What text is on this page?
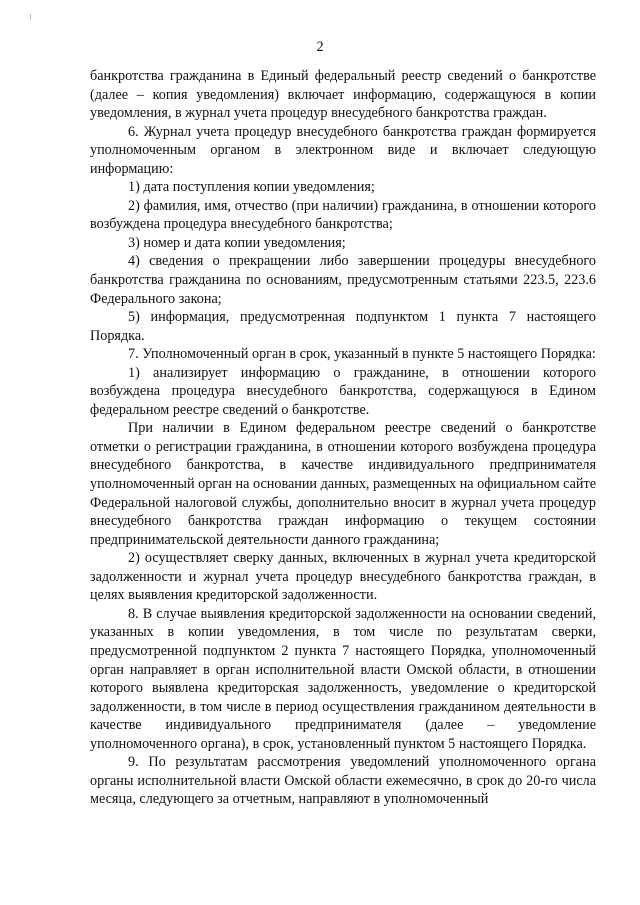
2

банкротства гражданина в Единый федеральный реестр сведений о банкротстве (далее – копия уведомления) включает информацию, содержащуюся в копии уведомления, в журнал учета процедур внесудебного банкротства граждан.

6. Журнал учета процедур внесудебного банкротства граждан формируется уполномоченным органом в электронном виде и включает следующую информацию:

1) дата поступления копии уведомления;

2) фамилия, имя, отчество (при наличии) гражданина, в отношении которого возбуждена процедура внесудебного банкротства;

3) номер и дата копии уведомления;

4) сведения о прекращении либо завершении процедуры внесудебного банкротства гражданина по основаниям, предусмотренным статьями 223.5, 223.6 Федерального закона;

5) информация, предусмотренная подпунктом 1 пункта 7 настоящего Порядка.

7. Уполномоченный орган в срок, указанный в пункте 5 настоящего Порядка:

1) анализирует информацию о гражданине, в отношении которого возбуждена процедура внесудебного банкротства, содержащуюся в Едином федеральном реестре сведений о банкротстве.

При наличии в Едином федеральном реестре сведений о банкротстве отметки о регистрации гражданина, в отношении которого возбуждена процедура внесудебного банкротства, в качестве индивидуального предпринимателя уполномоченный орган на основании данных, размещенных на официальном сайте Федеральной налоговой службы, дополнительно вносит в журнал учета процедур внесудебного банкротства граждан информацию о текущем состоянии предпринимательской деятельности данного гражданина;

2) осуществляет сверку данных, включенных в журнал учета кредиторской задолженности и журнал учета процедур внесудебного банкротства граждан, в целях выявления кредиторской задолженности.

8. В случае выявления кредиторской задолженности на основании сведений, указанных в копии уведомления, в том числе по результатам сверки, предусмотренной подпунктом 2 пункта 7 настоящего Порядка, уполномоченный орган направляет в орган исполнительной власти Омской области, в отношении которого выявлена кредиторская задолженность, уведомление о кредиторской задолженности, в том числе в период осуществления гражданином деятельности в качестве индивидуального предпринимателя (далее – уведомление уполномоченного органа), в срок, установленный пунктом 5 настоящего Порядка.

9. По результатам рассмотрения уведомлений уполномоченного органа органы исполнительной власти Омской области ежемесячно, в срок до 20-го числа месяца, следующего за отчетным, направляют в уполномоченный
